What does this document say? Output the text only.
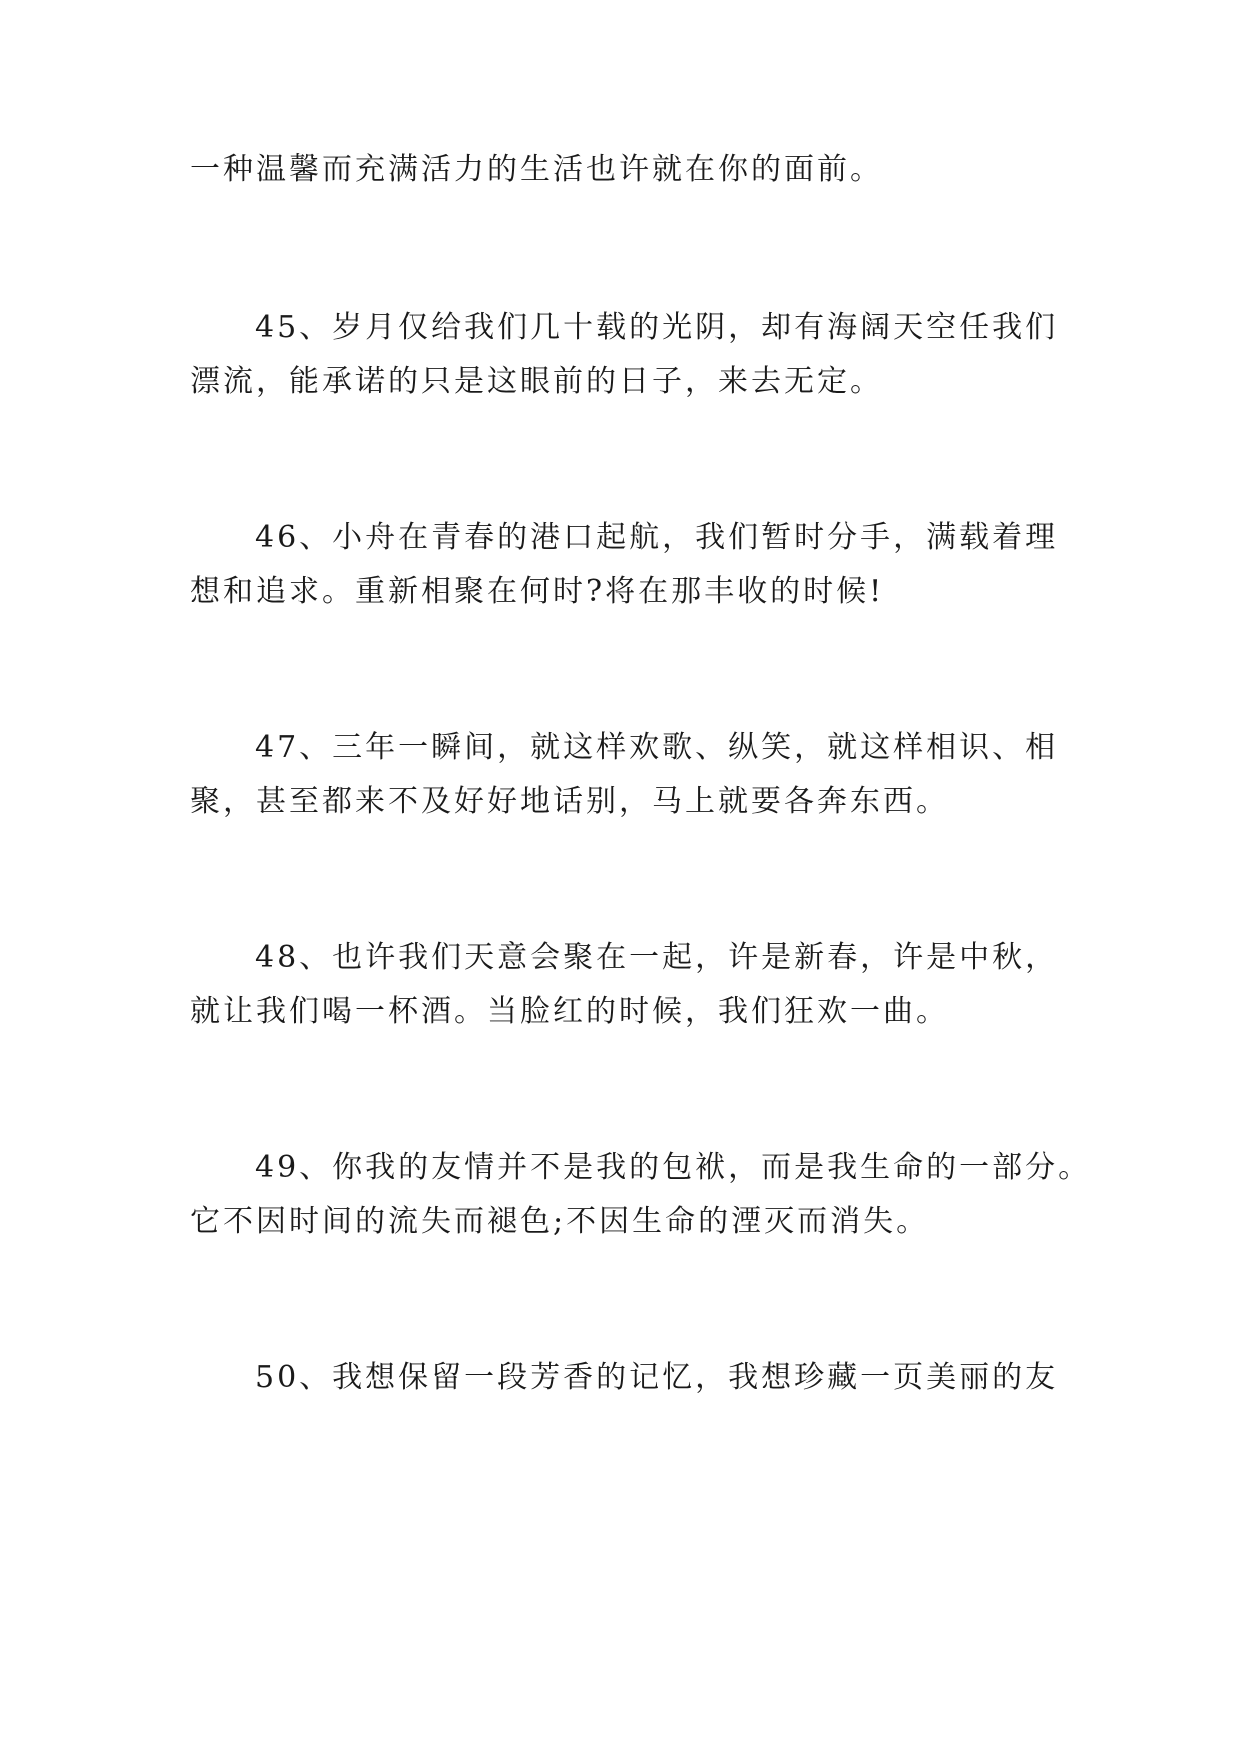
一种温馨而充满活力的生活也许就在你的面前。
45、岁月仅给我们几十载的光阴，却有海阔天空任我们
漂流，能承诺的只是这眼前的日子，来去无定。
46、小舟在青春的港口起航，我们暂时分手，满载着理
想和追求。重新相聚在何时?将在那丰收的时候!
47、三年一瞬间，就这样欢歌、纵笑，就这样相识、相
聚，甚至都来不及好好地话别，马上就要各奔东西。
48、也许我们天意会聚在一起，许是新春，许是中秋，
就让我们喝一杯酒。当脸红的时候，我们狂欢一曲。
49、你我的友情并不是我的包袱，而是我生命的一部分。
它不因时间的流失而褪色;不因生命的湮灭而消失。
50、我想保留一段芳香的记忆，我想珍藏一页美丽的友
